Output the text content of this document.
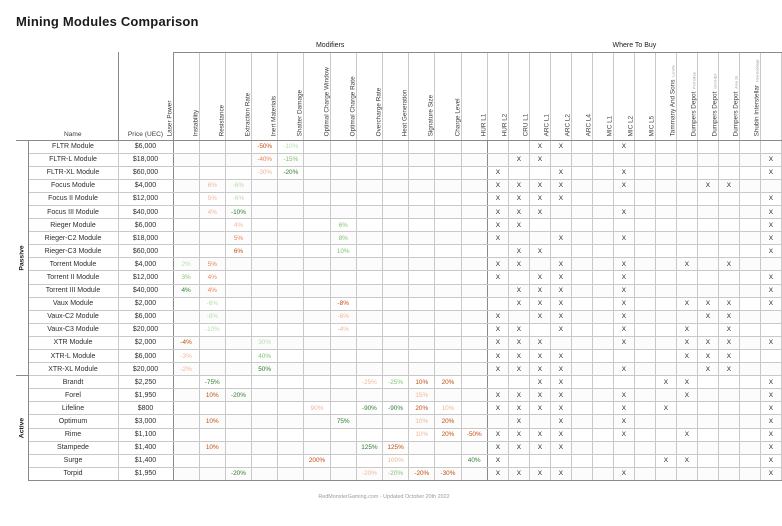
Mining Modules Comparison
			Modifiers												Where To Buy													

	Name	Price (UEC)	Laser Power	Instability	Resistance	Extraction Rate	Inert Materials	Shatter Damage	Optimal Charge Window	Optimal Charge Rate	Overcharge Rate	Heat Generation	Signature Size	Charge Level	HUR L1	HUR L2	CRU L1	ARC L1	ARC L2	ARC L4	MIC L1	MIC L2	MIC L5	Tammany And SonsLorville	Dumpers DepotPort Olisar	Dumpers DepotGrimHEX	Dumpers DepotArea 18	Shubin InterstellarNew Babbage

Passive	FLTR Module	$6,000				-50%	-10%										X	X			X							
	FLTR-L Module	$18,000				-40%	-15%									X	X											X
	FLTR-XL Module	$60,000				-30%	-20%								X			X			X							X
	Focus Module	$4,000		6%	-6%										X	X	X	X			X				X	X		
	Focus II Module	$12,000		5%	-6%										X	X	X	X										X
	Focus III Module	$40,000		4%	-10%										X	X	X				X							X
	Rieger Module	$6,000			4%				6%						X	X												X
	Rieger-C2 Module	$18,000			5%				8%						X			X			X							X
	Rieger-C3 Module	$60,000			6%				10%							X	X											X
	Torrent Module	$4,000	2%	5%											X	X		X			X			X		X		
	Torrent II Module	$12,000	3%	4%											X		X	X			X							X
	Torrent III Module	$40,000	4%	4%												X	X	X			X							X
	Vaux Module	$2,000		-6%					-8%							X	X	X			X			X	X	X		X
	Vaux-C2 Module	$6,000		-8%					-6%						X		X	X			X				X	X		
	Vaux-C3 Module	$20,000		-10%					-4%						X	X		X			X			X		X		
	XTR Module	$2,000	-4%			30%									X	X	X				X			X	X	X		X
	XTR-L Module	$6,000	-3%			40%									X	X	X	X						X	X	X		
	XTR-XL Module	$20,000	-2%			50%									X	X	X	X			X				X	X		

Active	Brandt	$2,250		-75%						-25%	-25%	10%	20%				X	X					X	X				X
	Forel	$1,950		10%	-20%							15%			X	X	X	X			X			X				X
	Lifeline	$800						90%		-90%	-90%	20%	10%		X	X	X	X			X		X					X
	Optimum	$3,000		10%					75%			10%	20%			X		X			X							X
	Rime	$1,100										10%	20%	-50%	X	X	X	X			X			X				X
	Stampede	$1,400		10%						125%	125%				X	X	X	X										X
	Surge	$1,400						200%			100%			40%	X								X	X				X
	Torpid	$1,950			-20%					-20%	-20%	-20%	-30%		X	X	X	X			X							X
RedMonsterGaming.com - Updated October 20th 2022
